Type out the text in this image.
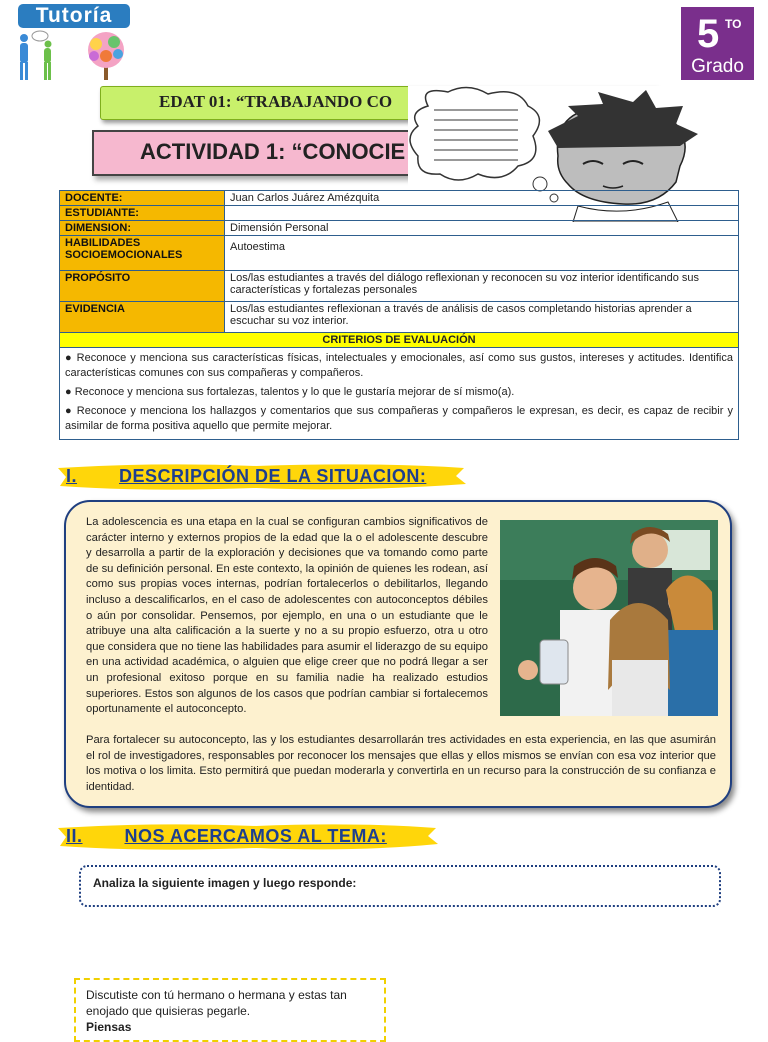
Tutoría	5 TO
Grado
EDAT 01: “TRABAJANDO CO
ACTIVIDAD 1: “CONOCIE
DOCENTE:	Juan Carlos Juárez Amézquita
ESTUDIANTE:	
DIMENSION:	Dimensión Personal
HABILIDADES SOCIOEMOCIONALES	Autoestima
PROPÓSITO	Los/las estudiantes a través del diálogo reflexionan y reconocen su voz interior identificando sus características y fortalezas personales
EVIDENCIA	Los/las estudiantes reflexionan a través de análisis de casos completando historias aprender a escuchar su voz interior.
CRITERIOS DE EVALUACIÓN	

● Reconoce y menciona sus características físicas, intelectuales y emocionales, así como sus gustos, intereses y actitudes. Identifica características comunes con sus compañeras y compañeros.

● Reconoce y menciona sus fortalezas, talentos y lo que le gustaría mejorar de sí mismo(a).

● Reconoce y menciona los hallazgos y comentarios que sus compañeras y compañeros le expresan, es decir, es capaz de recibir y asimilar de forma positiva aquello que permite mejorar.	

I. DESCRIPCIÓN DE LA SITUACION:
La adolescencia es una etapa en la cual se configuran cambios significativos de carácter interno y externos propios de la edad que la o el adolescente descubre y desarrolla a partir de la exploración y decisiones que va tomando como parte de su definición personal. En este contexto, la opinión de quienes les rodean, así como sus propias voces internas, podrían fortalecerlos o debilitarlos, llegando incluso a descalificarlos, en el caso de adolescentes con autoconceptos débiles o aún por consolidar. Pensemos, por ejemplo, en una o un estudiante que le atribuye una alta calificación a la suerte y no a su propio esfuerzo, otra u otro que considera que no tiene las habilidades para asumir el liderazgo de su equipo en una actividad académica, o alguien que elige creer que no podrá llegar a ser un profesional exitoso porque en su familia nadie ha realizado estudios superiores. Estos son algunos de los casos que podrían cambiar si fortalecemos oportunamente el autoconcepto.
Para fortalecer su autoconcepto, las y los estudiantes desarrollarán tres actividades en esta experiencia, en las que asumirán el rol de investigadores, responsables por reconocer los mensajes que ellas y ellos mismos se envían con esa voz interior que los motiva o los limita. Esto permitirá que puedan moderarla y convertirla en un recurso para la construcción de su confianza e identidad.
II. NOS ACERCAMOS AL TEMA:
Analiza la siguiente imagen y luego responde:
Discutiste con tú hermano o hermana y estas tan enojado que quisieras pegarle.
Piensas
